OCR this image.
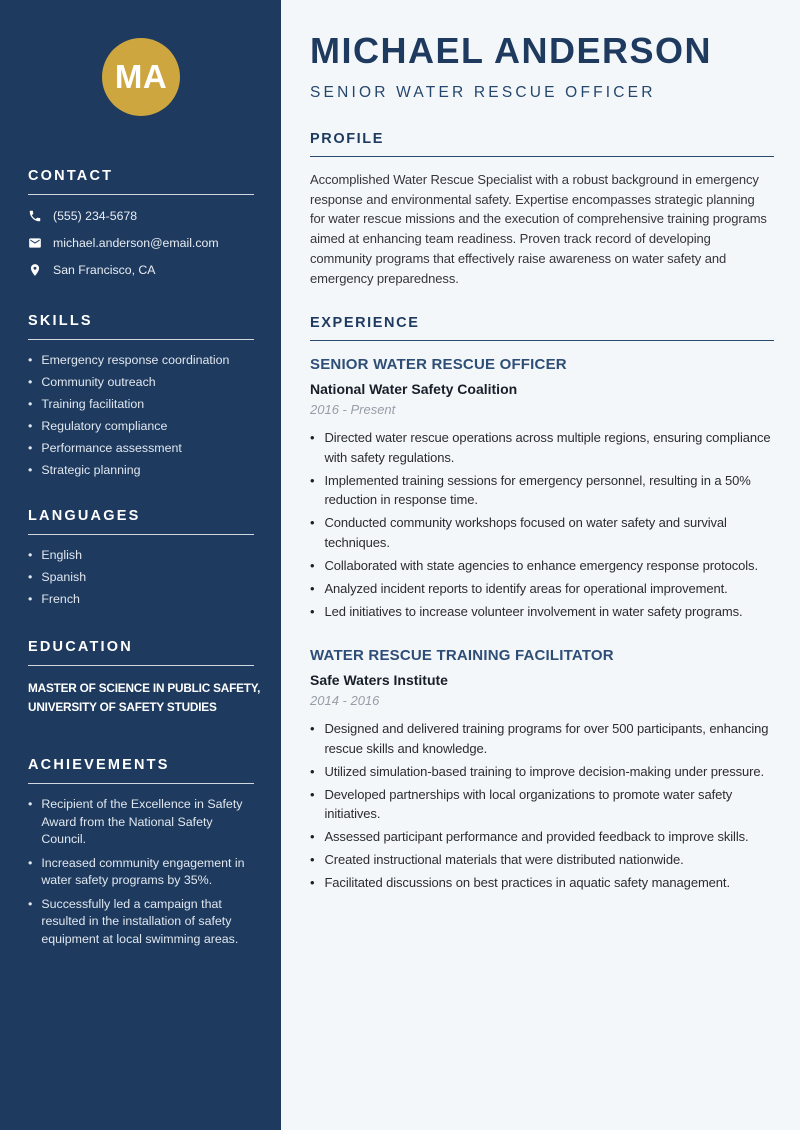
MA
CONTACT
(555) 234-5678
michael.anderson@email.com
San Francisco, CA
SKILLS
• Emergency response coordination
• Community outreach
• Training facilitation
• Regulatory compliance
• Performance assessment
• Strategic planning
LANGUAGES
• English
• Spanish
• French
EDUCATION
MASTER OF SCIENCE IN PUBLIC SAFETY,
UNIVERSITY OF SAFETY STUDIES
ACHIEVEMENTS
• Recipient of the Excellence in Safety Award from the National Safety Council.
• Increased community engagement in water safety programs by 35%.
• Successfully led a campaign that resulted in the installation of safety equipment at local swimming areas.
MICHAEL ANDERSON
SENIOR WATER RESCUE OFFICER
PROFILE

Accomplished Water Rescue Specialist with a robust background in emergency response and environmental safety. Expertise encompasses strategic planning for water rescue missions and the execution of comprehensive training programs aimed at enhancing team readiness. Proven track record of developing community programs that effectively raise awareness on water safety and emergency preparedness.

EXPERIENCE
SENIOR WATER RESCUE OFFICER
National Water Safety Coalition
2016 - Present
• Directed water rescue operations across multiple regions, ensuring compliance with safety regulations.
• Implemented training sessions for emergency personnel, resulting in a 50% reduction in response time.
• Conducted community workshops focused on water safety and survival techniques.
• Collaborated with state agencies to enhance emergency response protocols.
• Analyzed incident reports to identify areas for operational improvement.
• Led initiatives to increase volunteer involvement in water safety programs.
WATER RESCUE TRAINING FACILITATOR
Safe Waters Institute
2014 - 2016
• Designed and delivered training programs for over 500 participants, enhancing rescue skills and knowledge.
• Utilized simulation-based training to improve decision-making under pressure.
• Developed partnerships with local organizations to promote water safety initiatives.
• Assessed participant performance and provided feedback to improve skills.
• Created instructional materials that were distributed nationwide.
• Facilitated discussions on best practices in aquatic safety management.
